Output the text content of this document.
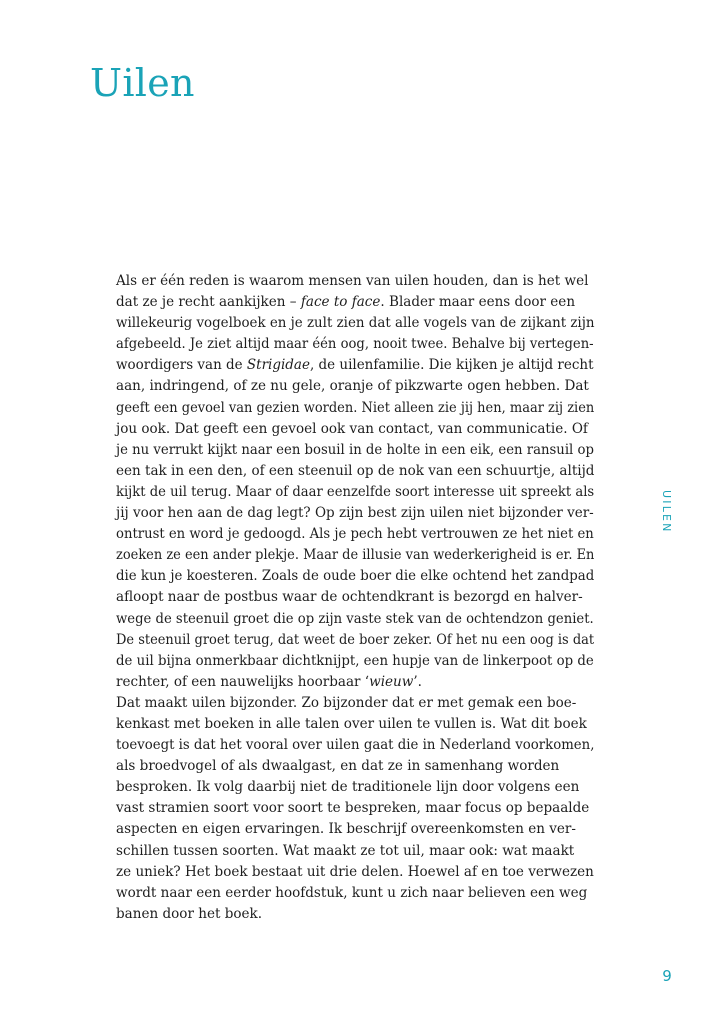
Uilen
Als er één reden is waarom mensen van uilen houden, dan is het wel
dat ze je recht aankijken – face to face. Blader maar eens door een
willekeurig vogelboek en je zult zien dat alle vogels van de zijkant zijn
afgebeeld. Je ziet altijd maar één oog, nooit twee. Behalve bij vertegen-
woordigers van de Strigidae, de uilenfamilie. Die kijken je altijd recht
aan, indringend, of ze nu gele, oranje of pikzwarte ogen hebben. Dat
geeft een gevoel van gezien worden. Niet alleen zie jij hen, maar zij zien
jou ook. Dat geeft een gevoel ook van contact, van communicatie. Of
je nu verrukt kijkt naar een bosuil in de holte in een eik, een ransuil op
een tak in een den, of een steenuil op de nok van een schuurtje, altijd
kijkt de uil terug. Maar of daar eenzelfde soort interesse uit spreekt als
jij voor hen aan de dag legt? Op zijn best zijn uilen niet bijzonder ver-
ontrust en word je gedoogd. Als je pech hebt vertrouwen ze het niet en
zoeken ze een ander plekje. Maar de illusie van wederkerigheid is er. En
die kun je koesteren. Zoals de oude boer die elke ochtend het zandpad
afloopt naar de postbus waar de ochtendkrant is bezorgd en halver-
wege de steenuil groet die op zijn vaste stek van de ochtendzon geniet.
De steenuil groet terug, dat weet de boer zeker. Of het nu een oog is dat
de uil bijna onmerkbaar dichtknijpt, een hupje van de linkerpoot op de
rechter, of een nauwelijks hoorbaar ‘wieuw’.
Dat maakt uilen bijzonder. Zo bijzonder dat er met gemak een boe-
kenkast met boeken in alle talen over uilen te vullen is. Wat dit boek
toevoegt is dat het vooral over uilen gaat die in Nederland voorkomen,
als broedvogel of als dwaalgast, en dat ze in samenhang worden
besproken. Ik volg daarbij niet de traditionele lijn door volgens een
vast stramien soort voor soort te bespreken, maar focus op bepaalde
aspecten en eigen ervaringen. Ik beschrijf overeenkomsten en ver-
schillen tussen soorten. Wat maakt ze tot uil, maar ook: wat maakt
ze uniek? Het boek bestaat uit drie delen. Hoewel af en toe verwezen
wordt naar een eerder hoofdstuk, kunt u zich naar believen een weg
banen door het boek.
UILEN
9
